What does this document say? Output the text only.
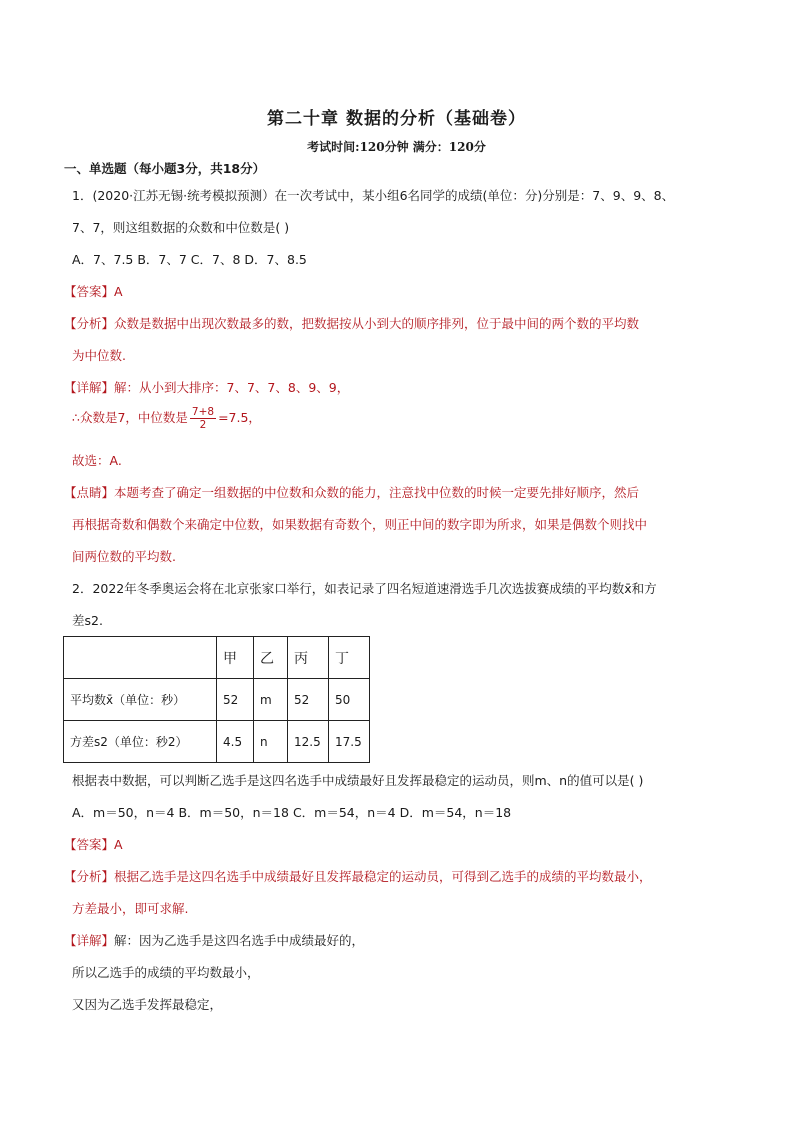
第二十章 数据的分析（基础卷）
考试时间:120分钟 满分：120分
一、单选题（每小题3分，共18分）
1．(2020·江苏无锡·统考模拟预测）在一次考试中，某小组6名同学的成绩(单位：分)分别是：7、9、9、8、
7、7，则这组数据的众数和中位数是( )
A．7、7.5 B．7、7 C．7、8 D．7、8.5
【答案】A
【分析】众数是数据中出现次数最多的数，把数据按从小到大的顺序排列，位于最中间的两个数的平均数
为中位数.
【详解】解：从小到大排序：7、7、7、8、9、9，
∴众数是7，中位数是 $\frac{7+8}{2} =7.5$，
故选：A.
【点睛】本题考查了确定一组数据的中位数和众数的能力，注意找中位数的时候一定要先排好顺序，然后
再根据奇数和偶数个来确定中位数，如果数据有奇数个，则正中间的数字即为所求，如果是偶数个则找中
间两位数的平均数.
2．2022年冬季奥运会将在北京张家口举行，如表记录了四名短道速滑选手几次选拔赛成绩的平均数x̄和方
差s2.
	甲	乙	丙	丁
平均数x̄（单位：秒）	52	m	52	50
方差s2（单位：秒2）	4.5	n	12.5	17.5
根据表中数据，可以判断乙选手是这四名选手中成绩最好且发挥最稳定的运动员，则m、n的值可以是( )
A．m＝50，n＝4 B．m＝50，n＝18 C．m＝54，n＝4 D．m＝54，n＝18
【答案】A
【分析】根据乙选手是这四名选手中成绩最好且发挥最稳定的运动员，可得到乙选手的成绩的平均数最小，
方差最小，即可求解.
【详解】解：因为乙选手是这四名选手中成绩最好的，
所以乙选手的成绩的平均数最小，
又因为乙选手发挥最稳定，
